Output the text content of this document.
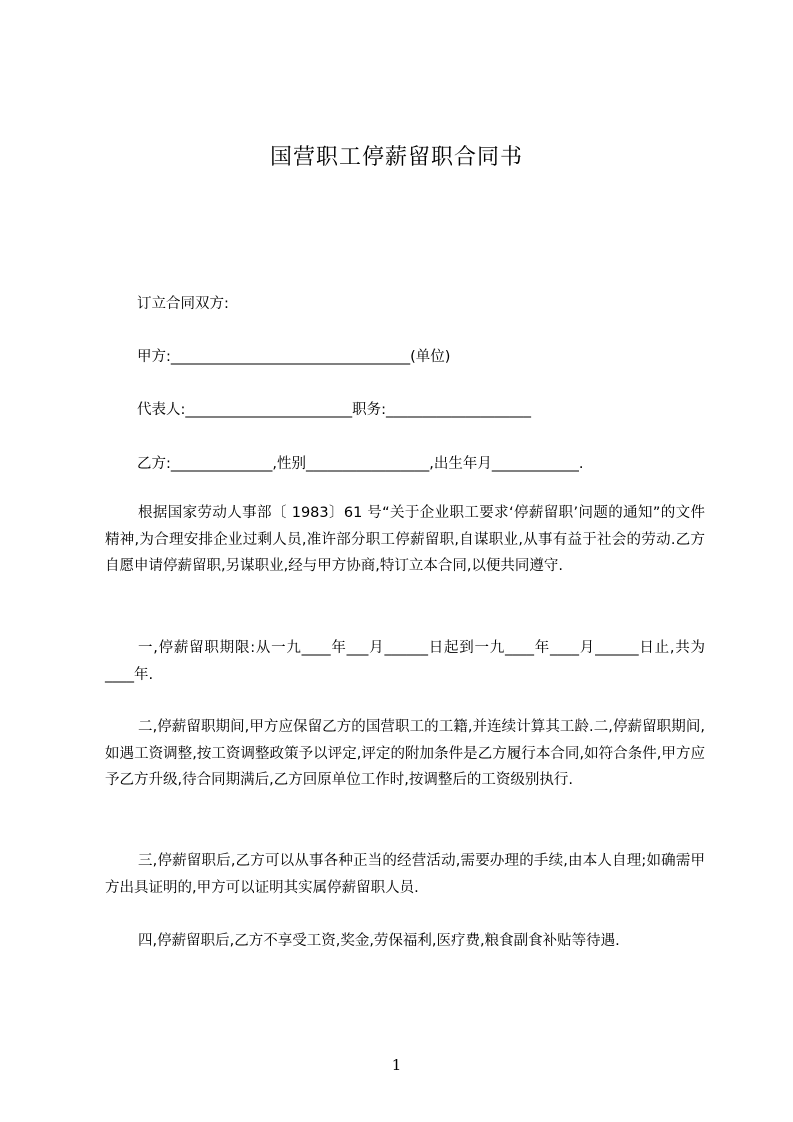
国营职工停薪留职合同书
订立合同双方:
甲方:_________________________________(单位)
代表人:_______________________职务:____________________
乙方:______________,性别_________________,出生年月____________.
根据国家劳动人事部〔 1983〕61 号“关于企业职工要求‘停薪留职’问题的通知”的文件精神,为合理安排企业过剩人员,准许部分职工停薪留职,自谋职业,从事有益于社会的劳动.乙方自愿申请停薪留职,另谋职业,经与甲方协商,特订立本合同,以便共同遵守.
一,停薪留职期限:从一九____年___月______日起到一九____年____月______日止,共为____年.
二,停薪留职期间,甲方应保留乙方的国营职工的工籍,并连续计算其工龄.二,停薪留职期间,如遇工资调整,按工资调整政策予以评定,评定的附加条件是乙方履行本合同,如符合条件,甲方应予乙方升级,待合同期满后,乙方回原单位工作时,按调整后的工资级别执行.
三,停薪留职后,乙方可以从事各种正当的经营活动,需要办理的手续,由本人自理;如确需甲方出具证明的,甲方可以证明其实属停薪留职人员.
四,停薪留职后,乙方不享受工资,奖金,劳保福利,医疗费,粮食副食补贴等待遇.
1
